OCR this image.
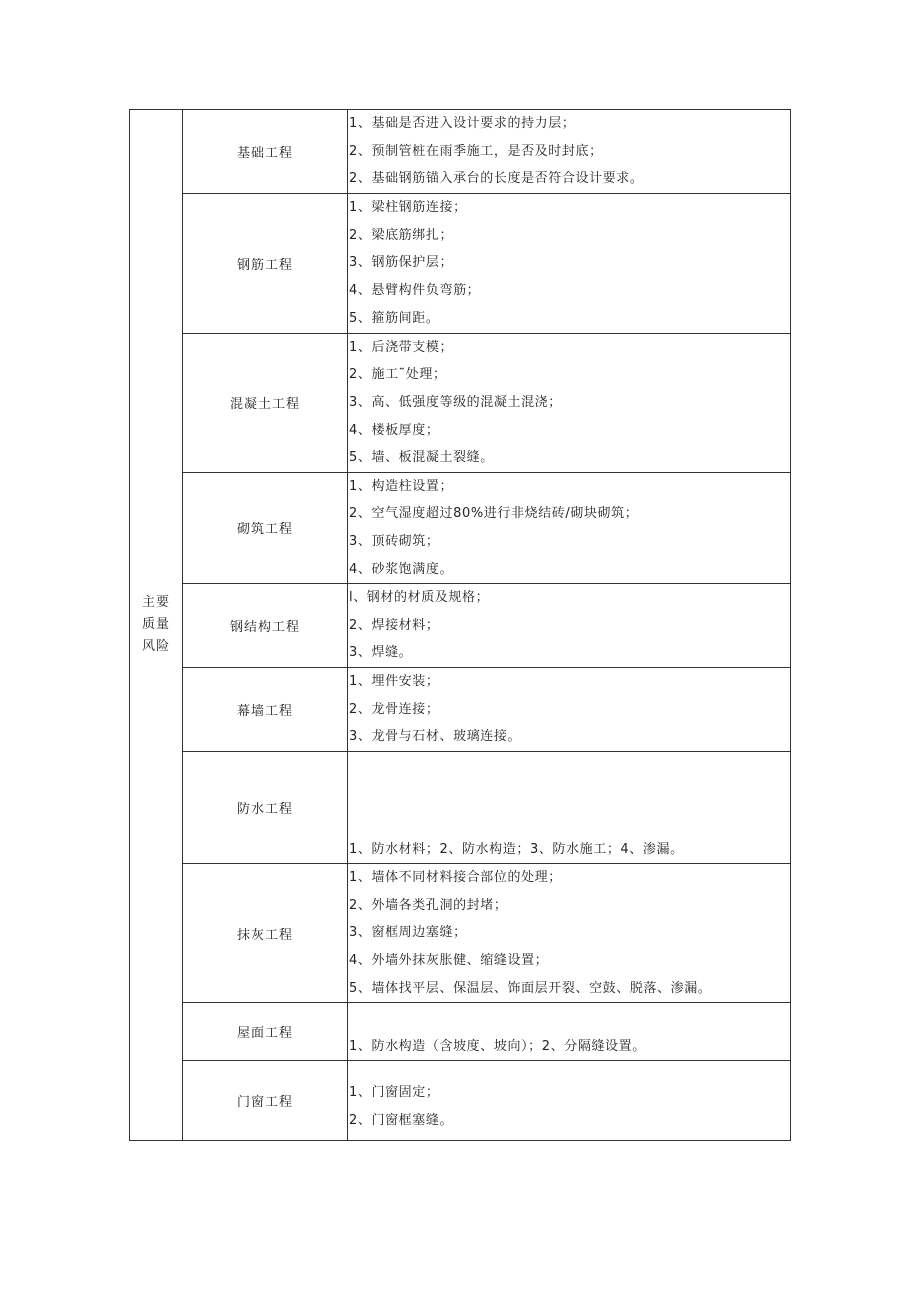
主要质量风险	基础工程	1、基础是否进入设计要求的持力层；
2、预制管桩在雨季施工，是否及时封底；
2、基础钢筋锚入承台的长度是否符合设计要求。

	钢筋工程	1、梁柱钢筋连接；
2、梁底筋绑扎；
3、钢筋保护层；
4、悬臂构件负弯筋；
5、箍筋间距。

	混凝土工程	1、后浇带支模；
2、施工˜处理；
3、高、低强度等级的混凝土混浇；
4、楼板厚度；
5、墙、板混凝土裂缝。

	砌筑工程	1、构造柱设置；
2、空气湿度超过80%进行非烧结砖/砌块砌筑；
3、顶砖砌筑；
4、砂浆饱满度。

	钢结构工程	l、钢材的材质及规格；
2、焊接材料；
3、焊缝。

	幕墙工程	1、埋件安装；
2、龙骨连接；
3、龙骨与石材、玻璃连接。

	防水工程	1、防水材料；2、防水构造；3、防水施工；4、渗漏。

	抹灰工程	1、墙体不同材料接合部位的处理；
2、外墙各类孔洞的封堵；
3、窗框周边塞缝；
4、外墙外抹灰胀健、缩缝设置；
5、墙体找平层、保温层、饰面层开裂、空鼓、脱落、渗漏。

	屋面工程	1、防水构造（含坡度、坡向）；2、分隔缝设置。

	门窗工程	1、门窗固定；
2、门窗框塞缝。
